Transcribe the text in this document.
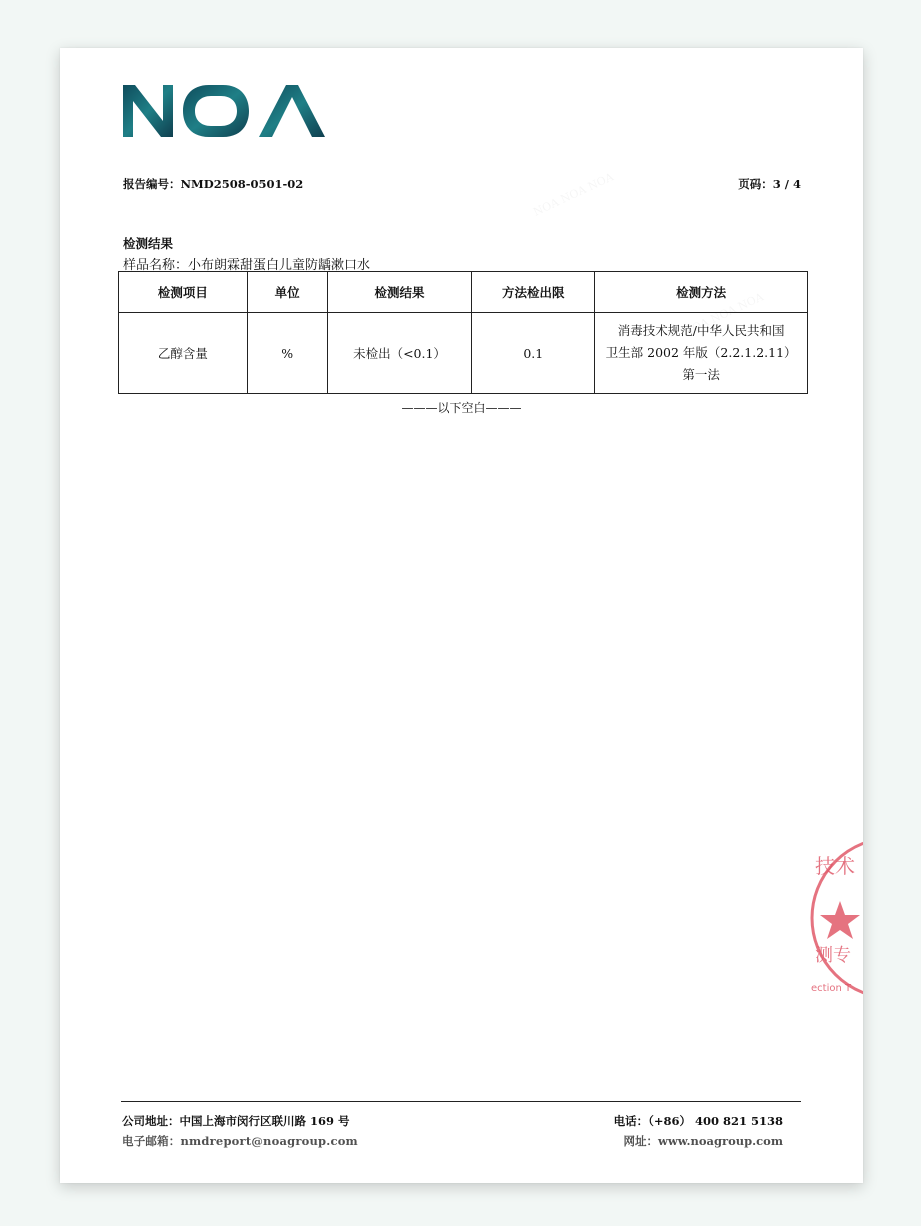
报告编号：NMD2508-0501-02	页码：3 / 4
检测结果
样品名称：小布朗霖甜蛋白儿童防龋漱口水
检测项目	单位	检测结果	方法检出限	检测方法
乙醇含量	%	未检出（<0.1）	0.1	消毒技术规范/中华人民共和国
卫生部 2002 年版（2.2.1.2.11）
第一法
———以下空白———
技术
测专
ection T
公司地址：中国上海市闵行区联川路 169 号	电话：（+86） 400 821 5138
电子邮箱：nmdreport@noagroup.com	网址：www.noagroup.com
